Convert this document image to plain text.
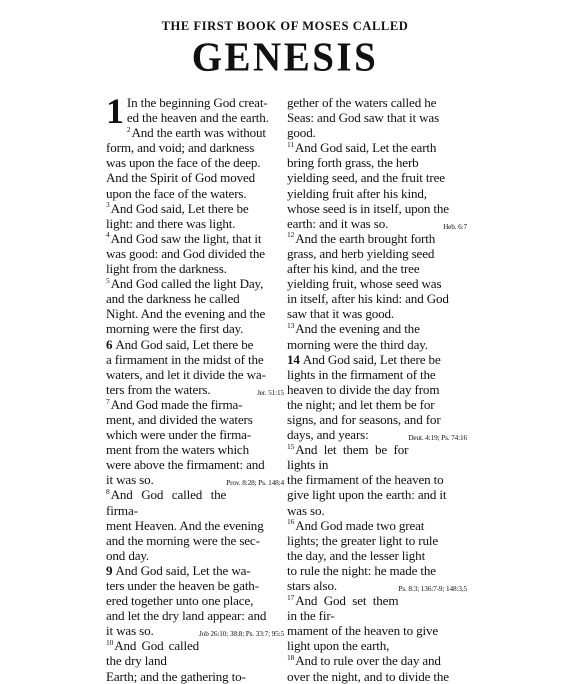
THE FIRST BOOK OF MOSES CALLED
GENESIS
1 In the beginning God creat-
ed the heaven and the earth.
$^2$And the earth was without
form, and void; and darkness
was upon the face of the deep.
And the Spirit of God moved
upon the face of the waters.
$^3$And God said, Let there be
light: and there was light.
$^4$And God saw the light, that it
was good: and God divided the
light from the darkness.
$^5$And God called the light Day,
and the darkness he called
Night. And the evening and the
morning were the first day.
6 And God said, Let there be
a firmament in the midst of the
waters, and let it divide the wa-
ters from the waters.	Jer. 51:15
$^7$And God made the firma-
ment, and divided the waters
which were under the firma-
ment from the waters which
were above the firmament: and
it was so.	Prov. 8:28; Ps. 148:4
$^8$And God called the firma-
ment Heaven. And the evening
and the morning were the sec-
ond day.
9 And God said, Let the wa-
ters under the heaven be gath-
ered together unto one place,
and let the dry land appear: and
it was so.	Job 26:10; 38:8; Ps. 33:7; 95:5
$^{10}$And God called the dry land
Earth; and the gathering to-
gether of the waters called he
Seas: and God saw that it was
good.
$^{11}$And God said, Let the earth
bring forth grass, the herb
yielding seed, and the fruit tree
yielding fruit after his kind,
whose seed is in itself, upon the
earth: and it was so.	Heb. 6:7
$^{12}$And the earth brought forth
grass, and herb yielding seed
after his kind, and the tree
yielding fruit, whose seed was
in itself, after his kind: and God
saw that it was good.
$^{13}$And the evening and the
morning were the third day.
14 And God said, Let there be
lights in the firmament of the
heaven to divide the day from
the night; and let them be for
signs, and for seasons, and for
days, and years:	Deut. 4:19; Ps. 74:16
$^{15}$And let them be for lights in
the firmament of the heaven to
give light upon the earth: and it
was so.
$^{16}$And God made two great
lights; the greater light to rule
the day, and the lesser light
to rule the night: he made the
stars also.	Ps. 8:3; 136:7-9; 148:3,5
$^{17}$And God set them in the fir-
mament of the heaven to give
light upon the earth,
$^{18}$And to rule over the day and
over the night, and to divide the
